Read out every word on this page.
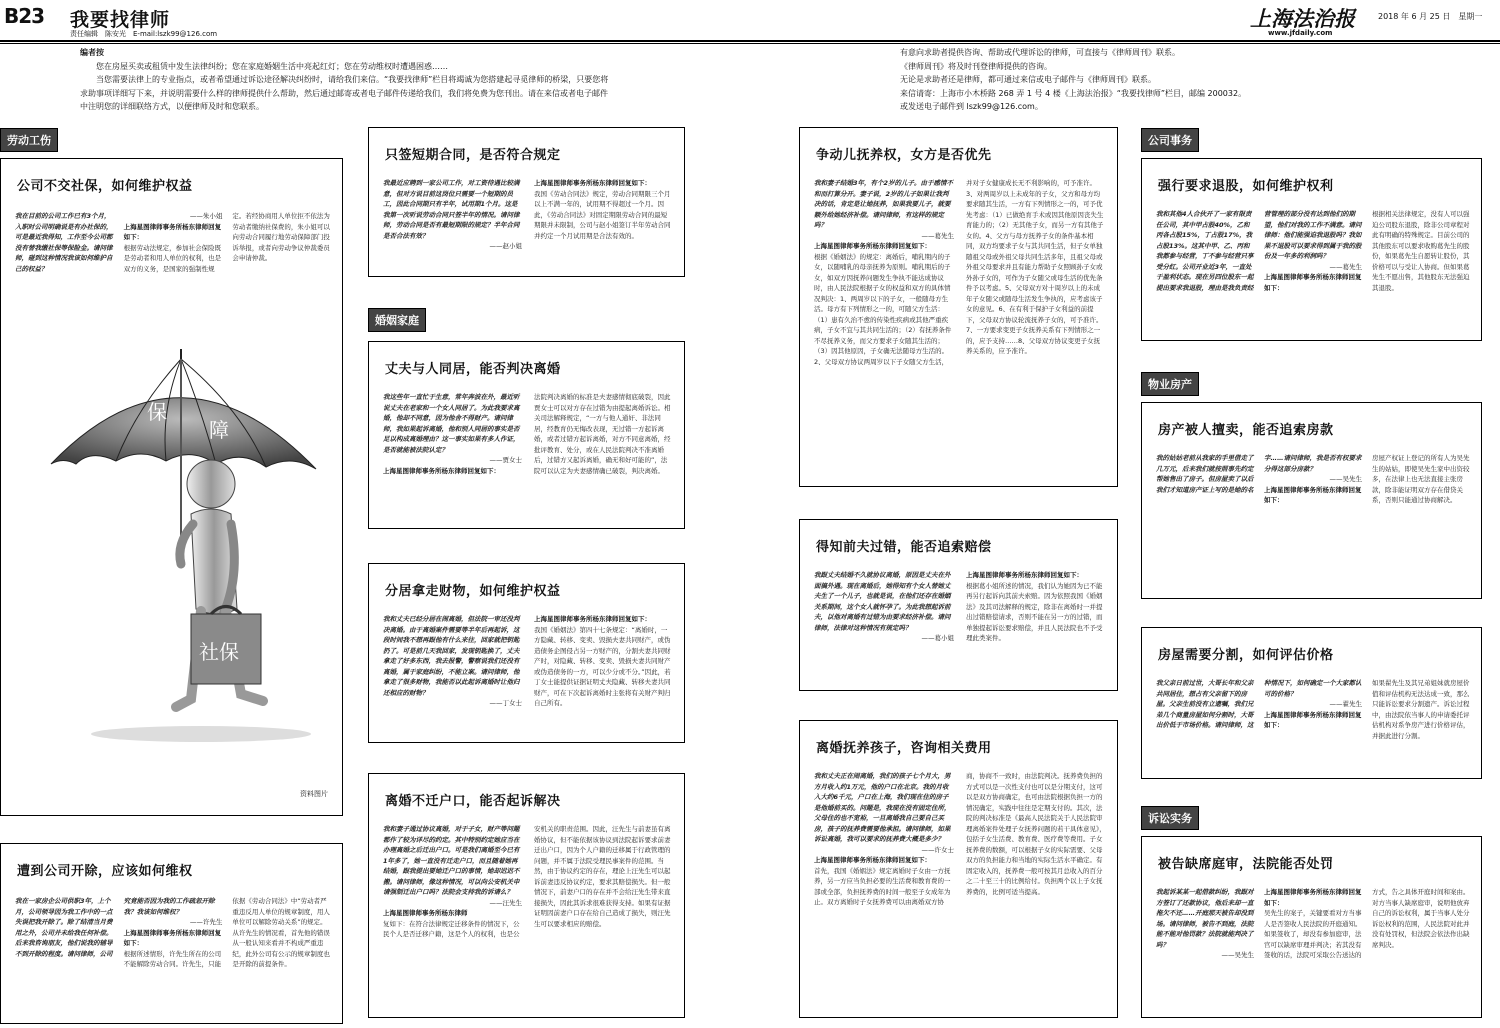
B23 我要找律师
责任编辑　陈安光　E-mail:lszk99@126.com
上海法治报
www.jfdaily.com
2018 年 6 月 25 日　星期一
编者按
您在房屋买卖或租赁中发生法律纠纷；您在家庭婚姻生活中亮起红灯；您在劳动维权时遭遇困惑……
当您需要法律上的专业指点，或者希望通过诉讼途径解决纠纷时，请给我们来信。“我要找律师”栏目将竭诚为您搭建起寻觅律师的桥梁，只要您将求助事项详细写下来，并说明需要什么样的律师提供什么帮助，然后通过邮寄或者电子邮件传递给我们，我们将免费为您刊出。请在来信或者电子邮件中注明您的详细联络方式，以便律师及时和您联系。
有意向求助者提供咨询、帮助或代理诉讼的律师，可直接与《律师周刊》联系。
《律师周刊》将及时刊登律师提供的咨询。
无论是求助者还是律师，都可通过来信或电子邮件与《律师周刊》联系。
来信请寄：上海市小木桥路 268 弄 1 号 4 楼《上海法治报》“我要找律师”栏目，邮编 200032。
或发送电子邮件到 lszk99@126.com。
劳动工伤
婚姻家庭
公司事务
物业房产
诉讼实务
公司不交社保，如何维护权益
我在目前的公司工作已有3个月，入职时公司明确说是有办社保的，可是最近我得知，工作至今公司都没有替我缴社保等保险金。请问律师，碰到这种情况我该如何维护自己的权益？
——朱小姐
上海星图律师事务所杨东律师回复如下：
根据劳动法规定，参加社会保险既是劳动者和用人单位的权利，也是双方的义务，是国家的强制性规定。若经协商用人单位拒不依法为劳动者缴纳社保费的，朱小姐可以向劳动合同履行地劳动保障部门投诉举报，或者向劳动争议仲裁委员会申请仲裁。
保
障
社保
资料图片
遭到公司开除，应该如何维权
我在一家房企公司供职3年，上个月，公司领导因为我工作中的一点失误把我开除了。除了结清当月费用之外，公司并未给我任何补偿。后来我咨询朋友，他们说我的辅导不到开除的程度。请问律师，公司究竟能否因为我的工作疏忽开除我？我该如何维权？
——许先生
上海星图律师事务所杨东律师回复如下：
根据所述情形，许先生所在的公司不能解除劳动合同。许先生，只能依据《劳动合同法》中“劳动者严重违反用人单位的规章制度，用人单位可以解除劳动关系”的规定。从许先生的情况看，首先他的错误从一般认知来看并不构成严重违纪，此外公司有公示的规章制度也是开除的前提条件。
只签短期合同，是否符合规定
我最近应聘到一家公司工作，对工资待遇比较满意，但对方说目前这岗位只需要一个短期的员工，因此合同期只有半年，试用期1个月。这是我第一次听说劳动合同只签半年的情况。请问律师，劳动合同是否有最短期限的规定？半年合同是否合法有效？
——赵小姐
上海星图律师事务所杨东律师回复如下：
我国《劳动合同法》规定，劳动合同期限三个月以上不满一年的，试用期不得超过一个月。因此，《劳动合同法》对固定期限劳动合同的最短期限并未限制，公司与赵小姐签订半年劳动合同并约定一个月试用期是合法有效的。
丈夫与人同居，能否判决离婚
我这些年一直忙于生意，常年奔波在外，最近听说丈夫在老家和一个女人同居了。为此我要求离婚，他却不同意，因为他舍不得财产。请问律师，我如果起诉离婚，他和别人同居的事实是否足以构成离婚理由？这一事实如果有多人作证，是否就能被法院认定？
——贾女士
上海星图律师事务所杨东律师回复如下：
法院判决离婚的标准是夫妻感情彻底破裂，因此贾女士可以对方存在过错为由提起离婚诉讼。相关司法解释规定，“一方与他人通奸、非法同居，经教育仍无悔改表现，无过错一方起诉离婚，或者过错方起诉离婚，对方不同意离婚，经批评教育、处分，或在人民法院判决不准离婚后，过错方又起诉离婚，确无和好可能的”，法院可以认定为夫妻感情确已破裂，判决离婚。
分居拿走财物，如何维护权益
我和丈夫已经分居在闹离婚，但法院一审还没判决离婚。由于离婚案件需要等半年后再起诉，这段时间我不想再跟他有什么来往，回家就把钥匙扔了。可是前几天我回家，发现钥匙换了，丈夫拿走了好多东西，我去报警，警察说我们还没有离婚，属于家庭纠纷，不能立案。请问律师，他拿走了很多财物，我能否以此起诉离婚时让他归还相应的财物？
——丁女士
上海星图律师事务所杨东律师回复如下：
我国《婚姻法》第四十七条规定：“离婚时，一方隐藏、转移、变卖、毁损夫妻共同财产，或伪造债务企图侵占另一方财产的，分割夫妻共同财产时，对隐藏、转移、变卖、毁损夫妻共同财产或伪造债务的一方，可以少分或不分。”因此，若丁女士能提供证据证明丈夫隐藏、转移夫妻共同财产，可在下次起诉离婚时主张将有关财产判归自己所有。
离婚不迁户口，能否起诉解决
我和妻子通过协议离婚，对于子女，财产等问题都作了较为详尽的约定。其中特别约定她应当在办理离婚之后迁出户口。可是我们离婚至今已有1年多了，她一直没有迁走户口，而且随着她再结婚，跟我提出要她迁户口的事情，她却迟迟不搬。请问律师，像这种情况，可以向公安机关申请强制迁出户口吗？法院会支持我的诉请么？
——汪先生
上海星图律师事务所杨东律师
复如下：在符合法律规定迁移条件的情况下，公民个人是否迁移户籍，这是个人的权利，也是公安机关的职责范围。因此，汪先生与前妻虽有离婚协议，但不能依据该协议到法院起诉要求前妻迁出户口，因为个人户籍的迁移属于行政管理的问题，并不属于法院受理民事案件的范围。当然，由于协议约定的存在，理论上汪先生可以起诉前妻违反协议约定，要求其赔偿损失。但一般情况下，前妻户口的存在并不会给汪先生带来直接损失，因此其诉求很难获得支持。如果有证据证明因前妻户口存在给自己造成了损失，则汪先生可以要求相应的赔偿。
争动儿抚养权，女方是否优先
我和妻子结婚3年，有个2岁的儿子。由于感情不和而打算分开。妻子说，2岁的儿子如果让我判决的话，肯定是让她抚养，如果我要儿子，就要额外给她经济补偿。请问律师，有这样的规定吗？
——葛先生
上海星图律师事务所杨东律师回复如下：
根据《婚姻法》的规定：离婚后，哺乳期内的子女，以随哺乳的母亲抚养为原则。哺乳期后的子女，如双方因抚养问题发生争执不能达成协议时，由人民法院根据子女的权益和双方的具体情况判决：1、两周岁以下的子女，一般随母方生活。母方有下列情形之一的，可随父方生活：（1）患有久治不愈的传染性疾病或其他严重疾病，子女不宜与其共同生活的；（2）有抚养条件不尽抚养义务，而父方要求子女随其生活的；（3）因其他原因，子女确无法随母方生活的。2、父母双方协议两周岁以下子女随父方生活，并对子女健康成长无不利影响的，可予准许。3、对两周岁以上未成年的子女，父方和母方均要求随其生活，一方有下列情形之一的，可予优先考虑：（1）已做绝育手术或因其他原因丧失生育能力的；（2）无其他子女，而另一方有其他子女的。4、父方与母方抚养子女的条件基本相同，双方均要求子女与其共同生活，但子女单独随祖父母或外祖父母共同生活多年，且祖父母或外祖父母要求并且有能力帮助子女照顾孙子女或外孙子女的，可作为子女随父或母生活的优先条件予以考虑。5、父母双方对十周岁以上的未成年子女随父或随母生活发生争执的，应考虑该子女的意见。6、在有利于保护子女利益的前提下，父母双方协议轮流抚养子女的，可予准许。7、一方要求变更子女抚养关系有下列情形之一的，应予支持……8、父母双方协议变更子女抚养关系的，应予准许。
得知前夫过错，能否追索赔偿
我跟丈夫结婚不久就协议离婚，原因是丈夫在外面搞外遇。现在离婚后，她得知有个女人替她丈夫生了一个儿子，也就是说，在他们还存在婚姻关系期间，这个女人就怀孕了。为此我想起诉前夫，以他对离婚有过错为由要求经济补偿。请问律师，法律对这种情况有规定吗？
——葛小姐
上海星图律师事务所杨东律师回复如下：
根据葛小姐所述的情况，我们认为她因为已不能再另行起诉向其前夫索赔。因为依照我国《婚姻法》及其司法解释的规定，除非在离婚时一并提出过错赔偿请求，否则不能在另一方的过错，而单独提起诉讼要求赔偿，并且人民法院也不予受理此类案件。
离婚抚养孩子，咨询相关费用
我和丈夫正在闹离婚，我们的孩子七个月大，男方月收入约1万元，他的户口在北京。我的月收入大约6千元，户口在上海，我们现在住的房子是他婚前买的。问题是，我现在没有固定住所，父母住的也不宽裕，一旦离婚我自己要自己买房，孩子的抚养费需要他承担。请问律师，如果诉讼离婚，我可以要求的抚养费大概是多少？
——许女士
上海星图律师事务所杨东律师回复如下：
首先，我国《婚姻法》规定离婚时子女由一方抚养，另一方应当负担必要的生活费和教育费的一部或全部，负担抚养费的时间一般至子女成年为止。双方离婚时子女抚养费可以由离婚双方协商，协商不一致时，由法院判决。抚养费负担的方式可以是一次性支付也可以是分期支付，这可以是双方协商确定，也可由法院根据负担一方的情况确定，实践中往往是定期支付的。其次，法院的判决标准是《最高人民法院关于人民法院审理离婚案件处理子女抚养问题的若干具体意见》，包括子女生活费、教育费、医疗费等费用。子女抚养费的数额，可以根据子女的实际需要、父母双方的负担能力和当地的实际生活水平确定。有固定收入的，抚养费一般可按其月总收入的百分之二十至三十的比例给付。负担两个以上子女抚养费的，比例可适当提高。
强行要求退股，如何维护权利
我和其他4人合伙开了一家有限责任公司，其中甲占股40%，乙和丙各占股15%，丁占股17%，我占股13%。这其中甲、乙、丙和我都参与经营，丁不参与经营只享受分红。公司开业近3年，一直处于盈利状态。现在另四位股东一起提出要求我退股，理由是我负责经营管理的部分没有达到他们的期望，他们对我的工作不满意。请问律师：他们能强迫我退股吗？我如果不退股可以要求得到属于我的股份及一年多的利润吗？
——葛先生
上海星图律师事务所杨东律师回复如下：
根据相关法律规定，没有人可以强迫公司股东退股，除非公司章程对此有明确的特殊规定。目前公司的其他股东可以要求收购葛先生的股份，如果葛先生自愿转让股份，其价格可以与受让人协商。但如果葛先生不愿出售，其他股东无法强迫其退股。
房产被人擅卖，能否追索房款
我的姑姑老前从我家的手里借走了几万元，后来我们就按照事先约定帮她售出了房子。但房屋卖了以后我们才知道房产证上写的是她的名字……请问律师，我是否有权要求分得这部分房款？
——吴先生
上海星图律师事务所杨东律师回复如下：
房屋产权证上登记的所有人为吴先生的姑姑，即使吴先生家中出资较多，在法律上也无法直接主张房款，除非能证明双方存在借贷关系，否则只能通过协商解决。
房屋需要分割，如何评估价格
我父亲日前过世，大哥长年和父亲共同居住，想占有父亲留下的房屋。父亲生前没有立遗嘱，我们兄弟几个商量房屋如何分割时，大哥出价低于市场价格。请问律师，这种情况下，如何确定一个大家都认可的价格？
——翟先生
上海星图律师事务所杨东律师回复如下：
如果翟先生及其兄弟姐妹就房屋价值和评估机构无法达成一致，那么只能诉讼要求分割遗产。诉讼过程中，由法院依当事人的申请委托评估机构对系争房产进行价格评估，并据此进行分割。
被告缺席庭审，法院能否处罚
我起诉某某一起借款纠纷，我跟对方签订了还款协议，他后来却一直拖欠不还……开庭那天被告却没到场。请问律师，被告不到庭，法院能不能对他罚款？法院就能判决了吗？
——吴先生
上海星图律师事务所杨东律师回复如下：
吴先生的案子，关键要看对方当事人是否签收人民法院的开庭通知。如果签收了，却没有参加庭审，法官可以缺席审理并判决；若其没有签收的话，法院可采取公告送达的方式，告之具体开庭时间和案由。对方当事人缺席庭审，说明他放弃自己的诉讼权利，属于当事人处分诉讼权利的范围，人民法院对此并没有处罚权，但法院会依法作出缺席判决。
